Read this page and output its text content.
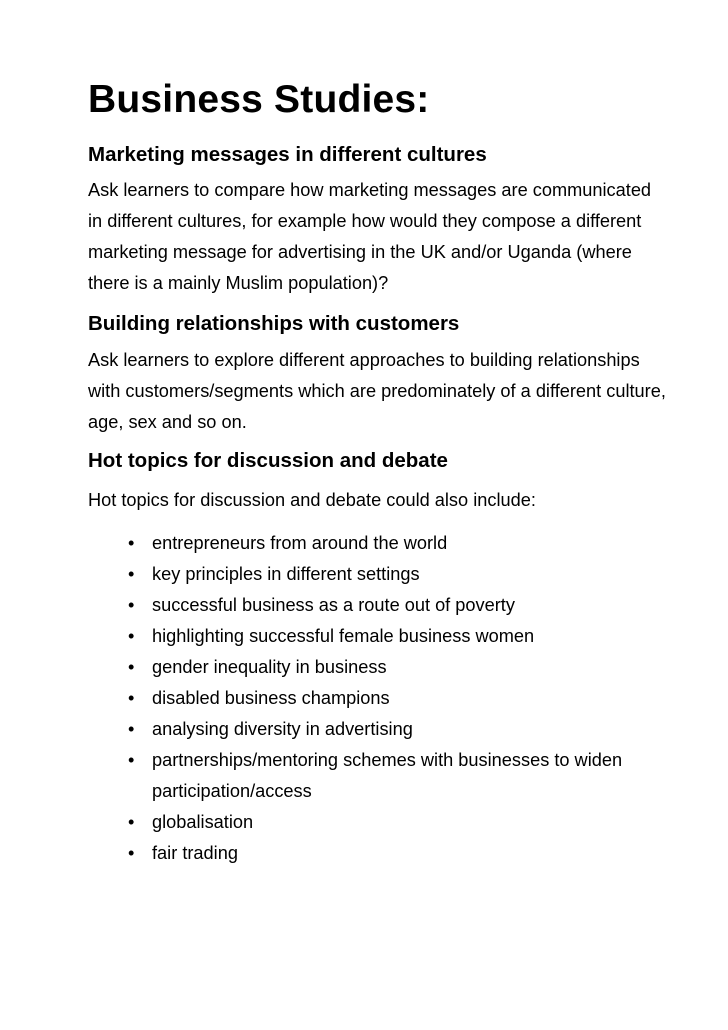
Business Studies:
Marketing messages in different cultures

Ask learners to compare how marketing messages are communicated in different cultures, for example how would they compose a different marketing message for advertising in the UK and/or Uganda (where there is a mainly Muslim population)?

Building relationships with customers

Ask learners to explore different approaches to building relationships with customers/segments which are predominately of a different culture, age, sex and so on.

Hot topics for discussion and debate

Hot topics for discussion and debate could also include:

• entrepreneurs from around the world
• key principles in different settings
• successful business as a route out of poverty
• highlighting successful female business women
• gender inequality in business
• disabled business champions
• analysing diversity in advertising
• partnerships/mentoring schemes with businesses to widen participation/access
• globalisation
• fair trading
